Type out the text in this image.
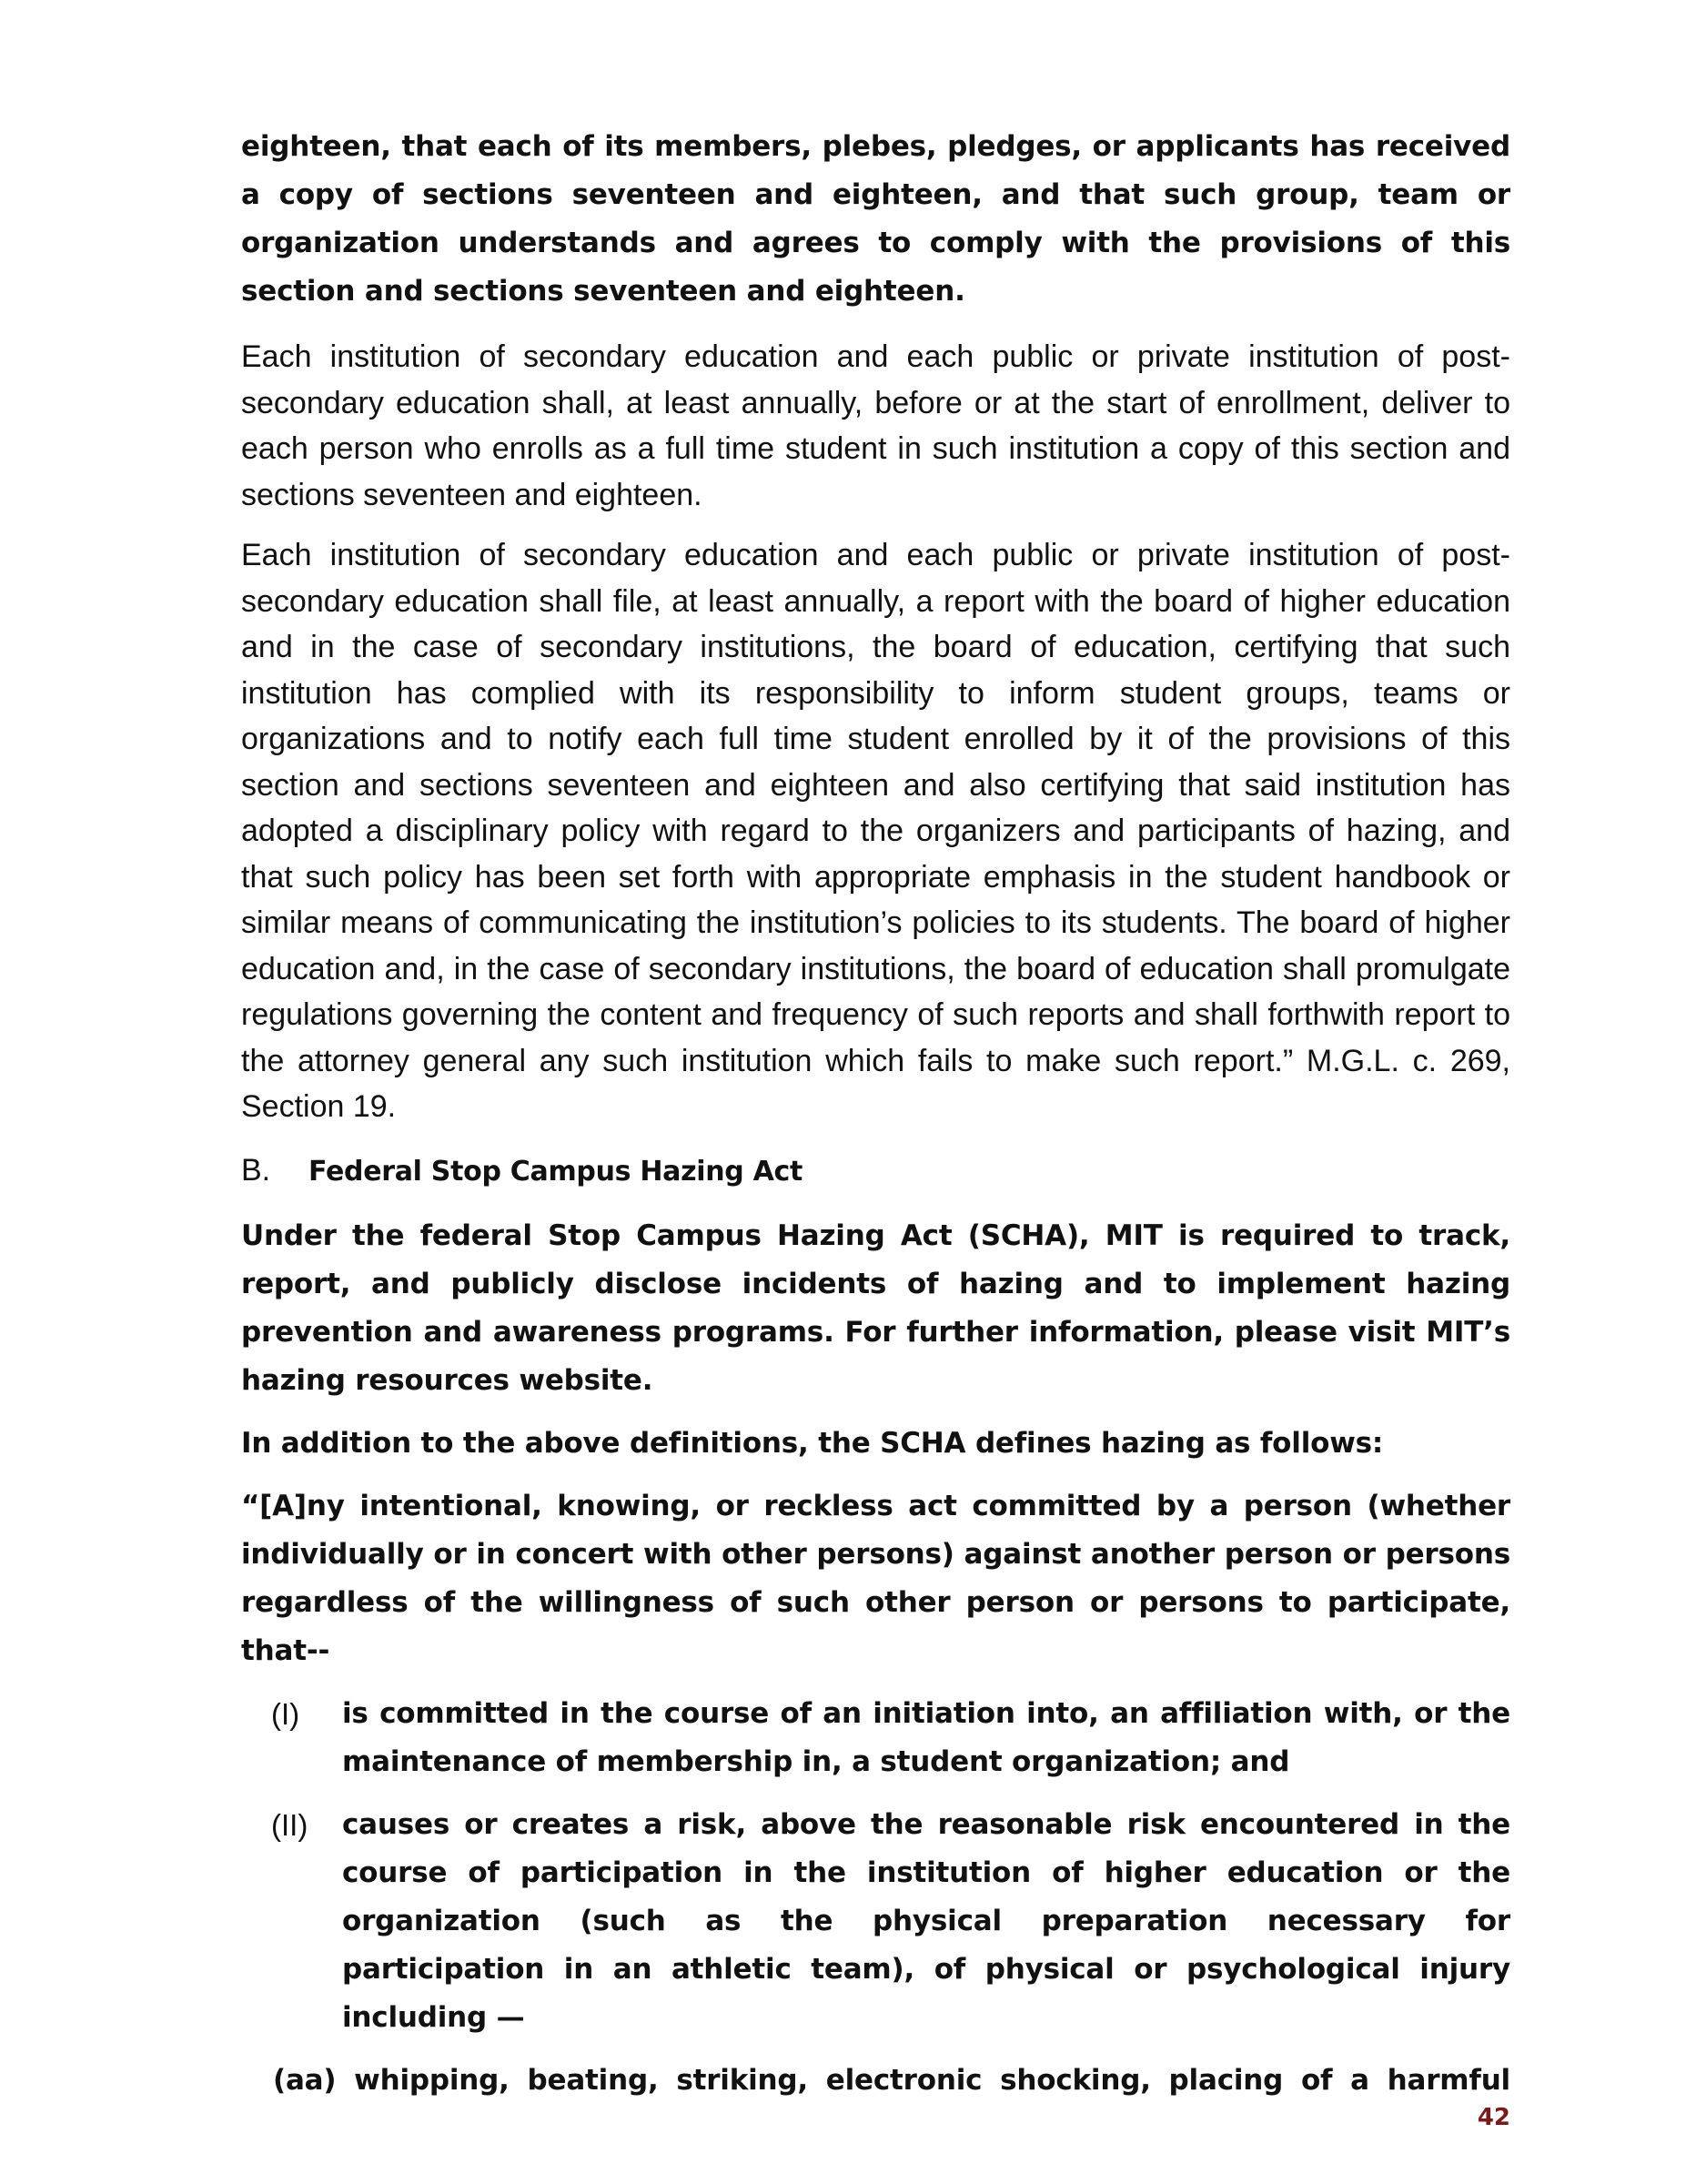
eighteen, that each of its members, plebes, pledges, or applicants has received a copy of sections seventeen and eighteen, and that such group, team or organization understands and agrees to comply with the provisions of this section and sections seventeen and eighteen.

Each institution of secondary education and each public or private institution of post-secondary education shall, at least annually, before or at the start of enrollment, deliver to each person who enrolls as a full time student in such institution a copy of this section and sections seventeen and eighteen.

Each institution of secondary education and each public or private institution of post-secondary education shall file, at least annually, a report with the board of higher education and in the case of secondary institutions, the board of education, certifying that such institution has complied with its responsibility to inform student groups, teams or organizations and to notify each full time student enrolled by it of the provisions of this section and sections seventeen and eighteen and also certifying that said institution has adopted a disciplinary policy with regard to the organizers and participants of hazing, and that such policy has been set forth with appropriate emphasis in the student handbook or similar means of communicating the institution’s policies to its students. The board of higher education and, in the case of secondary institutions, the board of education shall promulgate regulations governing the content and frequency of such reports and shall forthwith report to the attorney general any such institution which fails to make such report.” M.G.L. c. 269, Section 19.

B.	Federal Stop Campus Hazing Act

Under the federal Stop Campus Hazing Act (SCHA), MIT is required to track, report, and publicly disclose incidents of hazing and to implement hazing prevention and awareness programs. For further information, please visit MIT’s hazing resources website.

In addition to the above definitions, the SCHA defines hazing as follows:

“[A]ny intentional, knowing, or reckless act committed by a person (whether individually or in concert with other persons) against another person or persons regardless of the willingness of such other person or persons to participate, that--

(I)	is committed in the course of an initiation into, an affiliation with, or the maintenance of membership in, a student organization; and
(II)	causes or creates a risk, above the reasonable risk encountered in the course of participation in the institution of higher education or the organization (such as the physical preparation necessary for participation in an athletic team), of physical or psychological injury including —

(aa) whipping, beating, striking, electronic shocking, placing of a harmful

42
